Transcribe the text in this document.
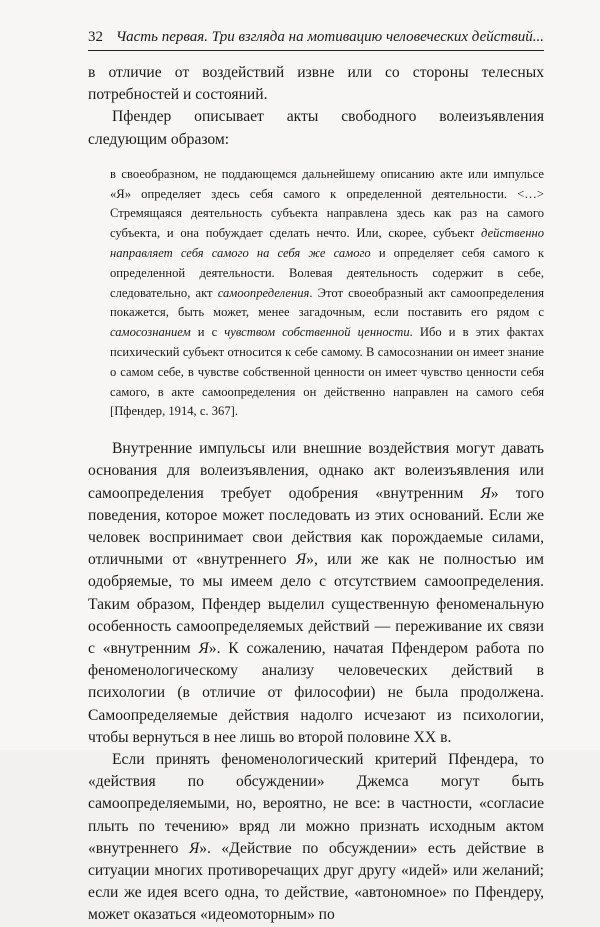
32 Часть первая. Три взгляда на мотивацию человеческих действий...

в отличие от воздействий извне или со стороны телесных потребностей и состояний.

Пфендер описывает акты свободного волеизъявления следующим образом:

в своеобразном, не поддающемся дальнейшему описанию акте или импульсе «Я» определяет здесь себя самого к определенной деятельности. <…> Стремящаяся деятельность субъекта направлена здесь как раз на самого субъекта, и она побуждает сделать нечто. Или, скорее, субъект действенно направляет себя самого на себя же самого и определяет себя самого к определенной деятельности. Волевая деятельность содержит в себе, следовательно, акт самоопределения. Этот своеобразный акт самоопределения покажется, быть может, менее загадочным, если поставить его рядом с самосознанием и с чувством собственной ценности. Ибо и в этих фактах психический субъект относится к себе самому. В самосознании он имеет знание о самом себе, в чувстве собственной ценности он имеет чувство ценности себя самого, в акте самоопределения он действенно направлен на самого себя [Пфендер, 1914, с. 367].

Внутренние импульсы или внешние воздействия могут давать основания для волеизъявления, однако акт волеизъявления или самоопределения требует одобрения «внутренним Я» того поведения, которое может последовать из этих оснований. Если же человек воспринимает свои действия как порождаемые силами, отличными от «внутреннего Я», или же как не полностью им одобряемые, то мы имеем дело с отсутствием самоопределения. Таким образом, Пфендер выделил существенную феноменальную особенность самоопределяемых действий — переживание их связи с «внутренним Я». К сожалению, начатая Пфендером работа по феноменологическому анализу человеческих действий в психологии (в отличие от философии) не была продолжена. Самоопределяемые действия надолго исчезают из психологии, чтобы вернуться в нее лишь во второй половине XX в.

Если принять феноменологический критерий Пфендера, то «действия по обсуждении» Джемса могут быть самоопределяемыми, но, вероятно, не все: в частности, «согласие плыть по течению» вряд ли можно признать исходным актом «внутреннего Я». «Действие по обсуждении» есть действие в ситуации многих противоречащих друг другу «идей» или желаний; если же идея всего одна, то действие, «автономное» по Пфендеру, может оказаться «идеомоторным» по
